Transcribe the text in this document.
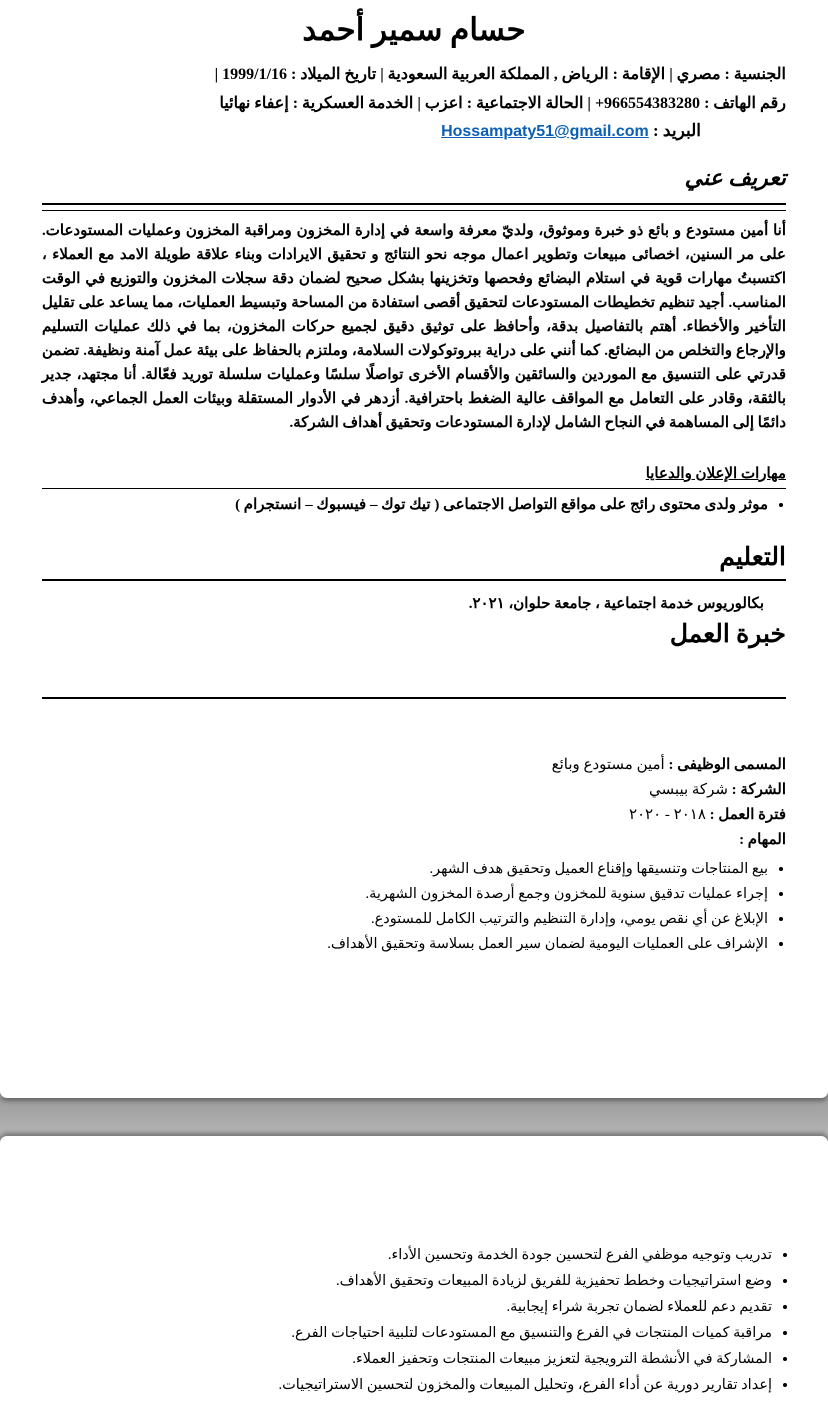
حسام سمير أحمد
الجنسية : مصري | الإقامة : الرياض , المملكة العربية السعودية | تاريخ الميلاد : 1999/1/16 |
رقم الهاتف : ‪+966554383280‬ | الحالة الاجتماعية : اعزب | الخدمة العسكرية : إعفاء نهائيا
البريد : Hossampaty51@gmail.com
تعريف عني

أنا أمين مستودع و بائع ذو خبرة وموثوق، ولديّ معرفة واسعة في إدارة المخزون ومراقبة المخزون وعمليات المستودعات. على مر السنين، اخصائى مبيعات وتطوير اعمال موجه نحو النتائج و تحقيق الايرادات وبناء علاقة طويلة الامد مع العملاء ، اكتسبتُ مهارات قوية في استلام البضائع وفحصها وتخزينها بشكل صحيح لضمان دقة سجلات المخزون والتوزيع في الوقت المناسب. أجيد تنظيم تخطيطات المستودعات لتحقيق أقصى استفادة من المساحة وتبسيط العمليات، مما يساعد على تقليل التأخير والأخطاء. أهتم بالتفاصيل بدقة، وأحافظ على توثيق دقيق لجميع حركات المخزون، بما في ذلك عمليات التسليم والإرجاع والتخلص من البضائع. كما أنني على دراية ببروتوكولات السلامة، وملتزم بالحفاظ على بيئة عمل آمنة ونظيفة. تضمن قدرتي على التنسيق مع الموردين والسائقين والأقسام الأخرى تواصلًا سلسًا وعمليات سلسلة توريد فعّالة. أنا مجتهد، جدير بالثقة، وقادر على التعامل مع المواقف عالية الضغط باحترافية. أزدهر في الأدوار المستقلة وبيئات العمل الجماعي، وأهدف دائمًا إلى المساهمة في النجاح الشامل لإدارة المستودعات وتحقيق أهداف الشركة.

مهارات الإعلان والدعايا
• موثر ولدى محتوى رائج على مواقع التواصل الاجتماعى ( تيك توك – فيسبوك – انستجرام )
التعليم
بكالوريوس خدمة اجتماعية ، جامعة حلوان، ٢٠٢١.
خبرة العمل
المسمى الوظيفى : أمين مستودع وبائع
الشركة : شركة بيبسي
فترة العمل : ٢٠١٨ - ٢٠٢٠
المهام :
• بيع المنتاجات وتنسيقها وإقناع العميل وتحقيق هدف الشهر.
• إجراء عمليات تدقيق سنوية للمخزون وجمع أرصدة المخزون الشهرية.
• الإبلاغ عن أي نقص يومي، وإدارة التنظيم والترتيب الكامل للمستودع.
• الإشراف على العمليات اليومية لضمان سير العمل بسلاسة وتحقيق الأهداف.
• تدريب وتوجيه موظفي الفرع لتحسين جودة الخدمة وتحسين الأداء.
• وضع استراتيجيات وخطط تحفيزية للفريق لزيادة المبيعات وتحقيق الأهداف.
• تقديم دعم للعملاء لضمان تجربة شراء إيجابية.
• مراقبة كميات المنتجات في الفرع والتنسيق مع المستودعات لتلبية احتياجات الفرع.
• المشاركة في الأنشطة الترويجية لتعزيز مبيعات المنتجات وتحفيز العملاء.
• إعداد تقارير دورية عن أداء الفرع، وتحليل المبيعات والمخزون لتحسين الاستراتيجيات.
